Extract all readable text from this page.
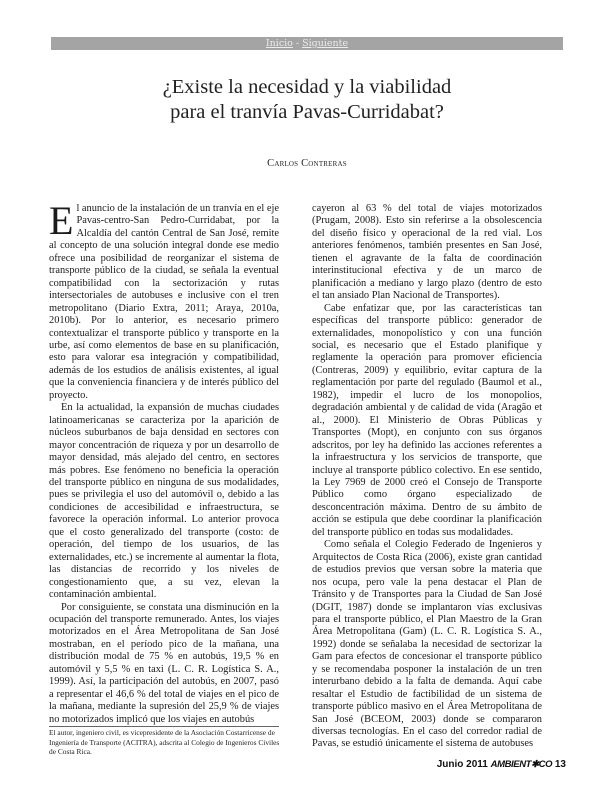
Inicio - Siguiente
¿Existe la necesidad y la viabilidad
para el tranvía Pavas-Curridabat?
Carlos Contreras

El anuncio de la instalación de un tranvía en el eje Pavas-centro-San Pedro-Curridabat, por la Alcaldía del cantón Central de San José, remite al concepto de una solución integral donde ese medio ofrece una posibilidad de reorganizar el sistema de transporte público de la ciudad, se señala la eventual compatibilidad con la sectorización y rutas intersectoriales de autobuses e inclusive con el tren metropolitano (Diario Extra, 2011; Araya, 2010a, 2010b). Por lo anterior, es necesario primero contextualizar el transporte público y transporte en la urbe, así como elementos de base en su planificación, esto para valorar esa integración y compatibilidad, además de los estudios de análisis existentes, al igual que la conveniencia financiera y de interés público del proyecto.

En la actualidad, la expansión de muchas ciudades latinoamericanas se caracteriza por la aparición de núcleos suburbanos de baja densidad en sectores con mayor concentración de riqueza y por un desarrollo de mayor densidad, más alejado del centro, en sectores más pobres. Ese fenómeno no beneficia la operación del transporte público en ninguna de sus modalidades, pues se privilegia el uso del automóvil o, debido a las condiciones de accesibilidad e infraestructura, se favorece la operación informal. Lo anterior provoca que el costo generalizado del transporte (costo: de operación, del tiempo de los usuarios, de las externalidades, etc.) se incremente al aumentar la flota, las distancias de recorrido y los niveles de congestionamiento que, a su vez, elevan la contaminación ambiental.

Por consiguiente, se constata una disminución en la ocupación del transporte remunerado. Antes, los viajes motorizados en el Área Metropolitana de San José mostraban, en el período pico de la mañana, una distribución modal de 75 % en autobús, 19,5 % en automóvil y 5,5 % en taxi (L. C. R. Logística S. A., 1999). Así, la participación del autobús, en 2007, pasó a representar el 46,6 % del total de viajes en el pico de la mañana, mediante la supresión del 25,9 % de viajes no motorizados implicó que los viajes en autobús

cayeron al 63 % del total de viajes motorizados (Prugam, 2008). Esto sin referirse a la obsolescencia del diseño físico y operacional de la red vial. Los anteriores fenómenos, también presentes en San José, tienen el agravante de la falta de coordinación interinstitucional efectiva y de un marco de planificación a mediano y largo plazo (dentro de esto el tan ansiado Plan Nacional de Transportes).

Cabe enfatizar que, por las características tan específicas del transporte público: generador de externalidades, monopolístico y con una función social, es necesario que el Estado planifique y reglamente la operación para promover eficiencia (Contreras, 2009) y equilibrio, evitar captura de la reglamentación por parte del regulado (Baumol et al., 1982), impedir el lucro de los monopolios, degradación ambiental y de calidad de vida (Aragão et al., 2000). El Ministerio de Obras Públicas y Transportes (Mopt), en conjunto con sus órganos adscritos, por ley ha definido las acciones referentes a la infraestructura y los servicios de transporte, que incluye al transporte público colectivo. En ese sentido, la Ley 7969 de 2000 creó el Consejo de Transporte Público como órgano especializado de desconcentración máxima. Dentro de su ámbito de acción se estipula que debe coordinar la planificación del transporte público en todas sus modalidades.

Como señala el Colegio Federado de Ingenieros y Arquitectos de Costa Rica (2006), existe gran cantidad de estudios previos que versan sobre la materia que nos ocupa, pero vale la pena destacar el Plan de Tránsito y de Transportes para la Ciudad de San José (DGIT, 1987) donde se implantaron vías exclusivas para el transporte público, el Plan Maestro de la Gran Área Metropolitana (Gam) (L. C. R. Logística S. A., 1992) donde se señalaba la necesidad de sectorizar la Gam para efectos de concesionar el transporte público y se recomendaba posponer la instalación de un tren interurbano debido a la falta de demanda. Aquí cabe resaltar el Estudio de factibilidad de un sistema de transporte público masivo en el Área Metropolitana de San José (BCEOM, 2003) donde se compararon diversas tecnologías. En el caso del corredor radial de Pavas, se estudió únicamente el sistema de autobuses

El autor, ingeniero civil, es vicepresidente de la Asociación Costarricense de Ingeniería de Transporte (ACITRA), adscrita al Colegio de Ingenieros Civiles de Costa Rica.
Junio 2011 AMBIENT✱CO 13
